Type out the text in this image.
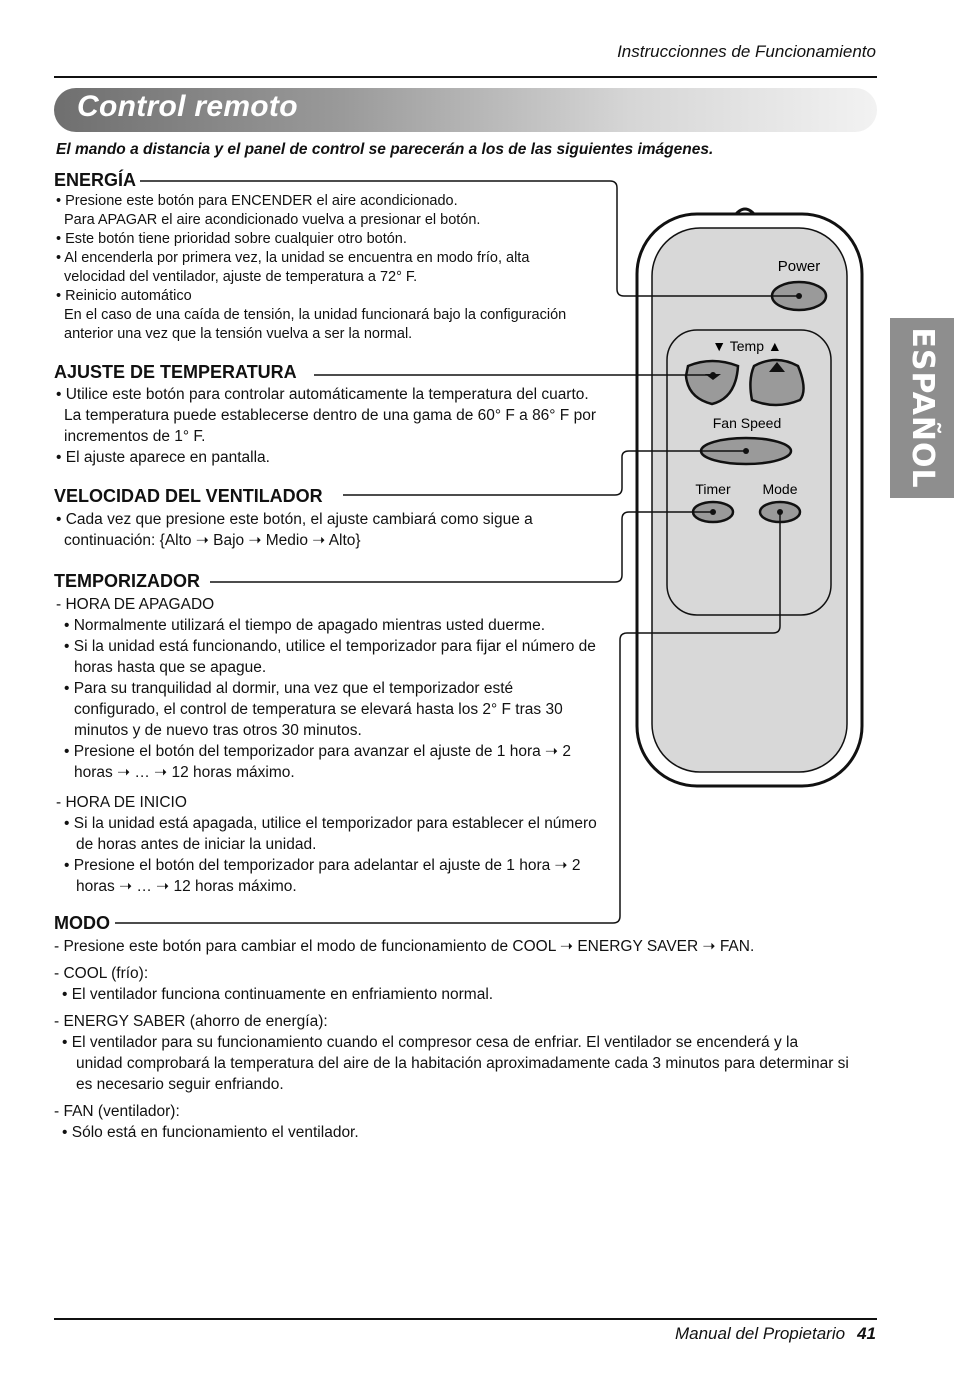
Instruccionnes de Funcionamiento
Control remoto
El mando a distancia y el panel de control se parecerán a los de las siguientes imágenes.
ESPAÑOL
Power
▼ Temp ▲
Fan Speed
Timer Mode
ENERGÍA
• Presione este botón para ENCENDER el aire acondicionado.
Para APAGAR el aire acondicionado vuelva a presionar el botón.
• Este botón tiene prioridad sobre cualquier otro botón.
• Al encenderla por primera vez, la unidad se encuentra en modo frío, alta
velocidad del ventilador, ajuste de temperatura a 72° F.
• Reinicio automático
En el caso de una caída de tensión, la unidad funcionará bajo la configuración
anterior una vez que la tensión vuelva a ser la normal.
AJUSTE DE TEMPERATURA
• Utilice este botón para controlar automáticamente la temperatura del cuarto.
La temperatura puede establecerse dentro de una gama de 60° F a 86° F por
incrementos de 1° F.
• El ajuste aparece en pantalla.
VELOCIDAD DEL VENTILADOR
• Cada vez que presione este botón, el ajuste cambiará como sigue a
continuación: {Alto ➝ Bajo ➝ Medio ➝ Alto}
TEMPORIZADOR
- HORA DE APAGADO
• Normalmente utilizará el tiempo de apagado mientras usted duerme.
• Si la unidad está funcionando, utilice el temporizador para fijar el número de
horas hasta que se apague.
• Para su tranquilidad al dormir, una vez que el temporizador esté
configurado, el control de temperatura se elevará hasta los 2° F tras 30
minutos y de nuevo tras otros 30 minutos.
• Presione el botón del temporizador para avanzar el ajuste de 1 hora ➝ 2
horas ➝ … ➝ 12 horas máximo.
- HORA DE INICIO
• Si la unidad está apagada, utilice el temporizador para establecer el número
de horas antes de iniciar la unidad.
• Presione el botón del temporizador para adelantar el ajuste de 1 hora ➝ 2
horas ➝ … ➝ 12 horas máximo.
MODO
- Presione este botón para cambiar el modo de funcionamiento de COOL ➝ ENERGY SAVER ➝ FAN.
- COOL (frío):
• El ventilador funciona continuamente en enfriamiento normal.
- ENERGY SABER (ahorro de energía):
• El ventilador para su funcionamiento cuando el compresor cesa de enfriar. El ventilador se encenderá y la
unidad comprobará la temperatura del aire de la habitación aproximadamente cada 3 minutos para determinar si
es necesario seguir enfriando.
- FAN (ventilador):
• Sólo está en funcionamiento el ventilador.
Manual del Propietario 41
